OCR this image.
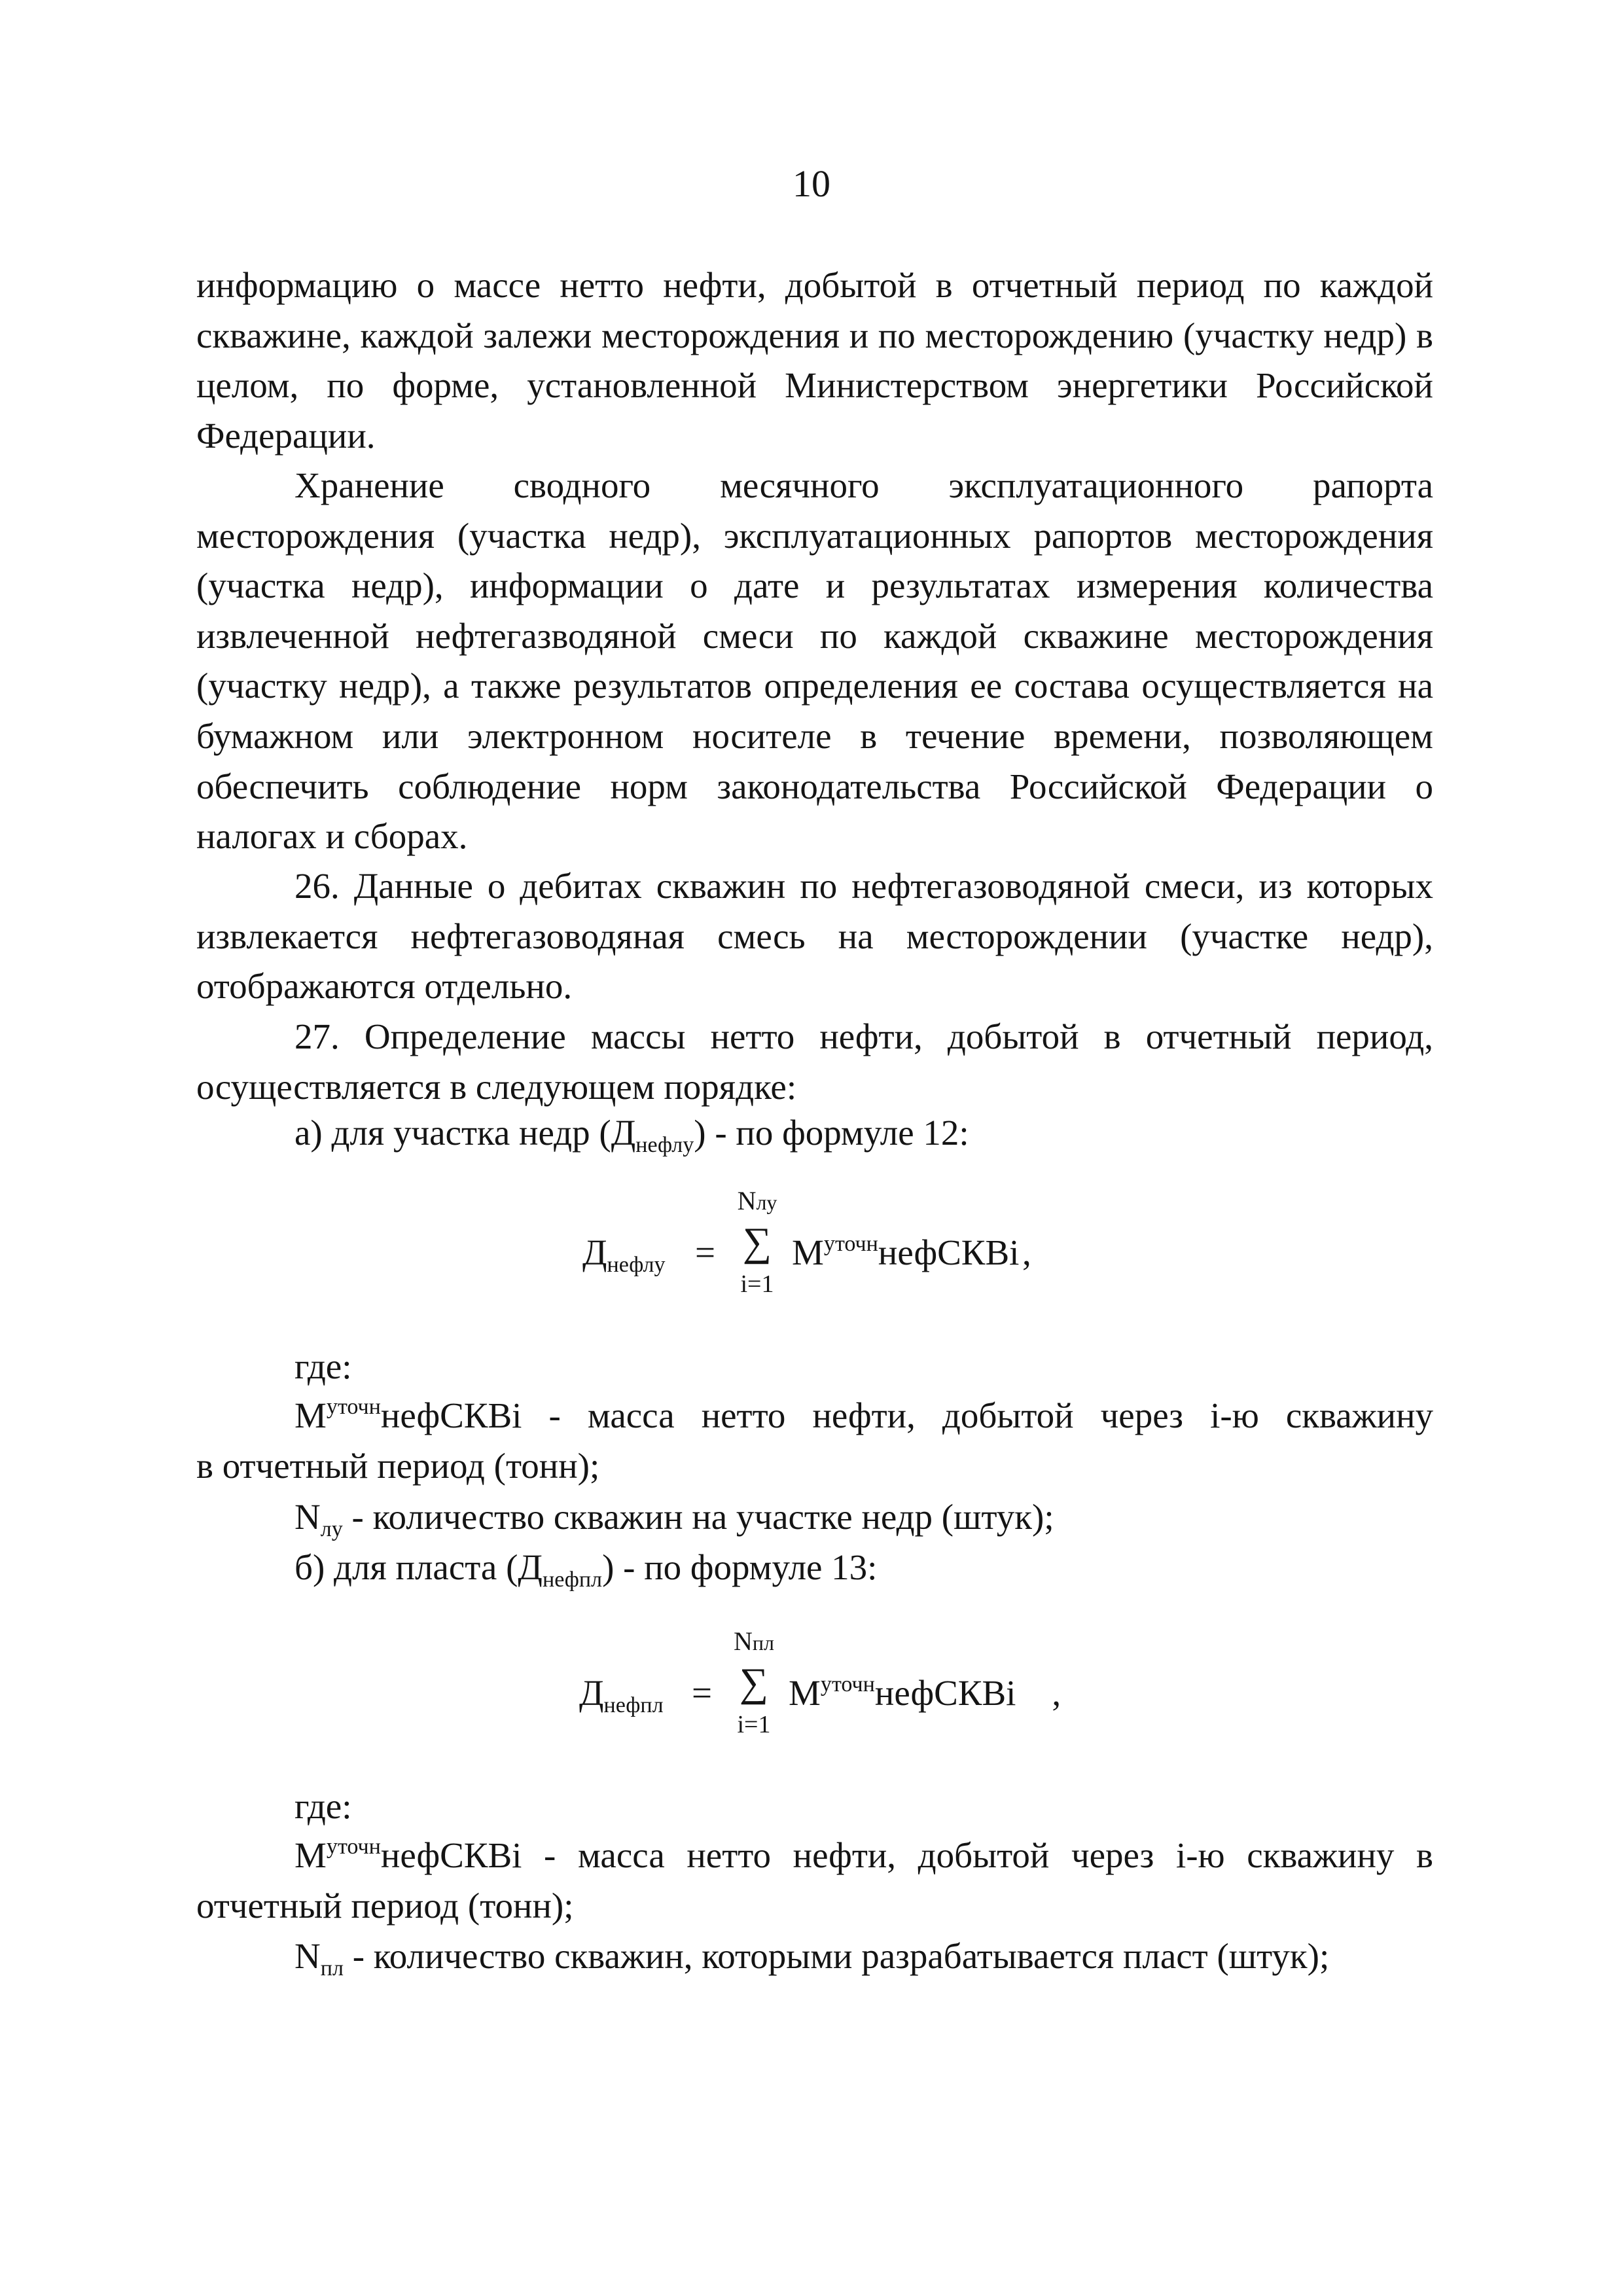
10

информацию о массе нетто нефти, добытой в отчетный период по каждой скважине, каждой залежи месторождения и по месторождению (участку недр) в целом, по форме, установленной Министерством энергетики Российской Федерации.

Хранение сводного месячного эксплуатационного рапорта месторождения (участка недр), эксплуатационных рапортов месторождения (участка недр), информации о дате и результатах измерения количества извлеченной нефтегазводяной смеси по каждой скважине месторождения (участку недр), а также результатов определения ее состава осуществляется на бумажном или электронном носителе в течение времени, позволяющем обеспечить соблюдение норм законодательства Российской Федерации о налогах и сборах.

26. Данные о дебитах скважин по нефтегазоводяной смеси, из которых извлекается нефтегазоводяная смесь на месторождении (участке недр), отображаются отдельно.

27. Определение массы нетто нефти, добытой в отчетный период, осуществляется в следующем порядке:

а) для участка недр (Днефлу) - по формуле 12:
Днефлу =
Nлу
∑
i=1
$M^{уточн}нефСКВi$ ,
где:
$M^{уточн}нефСКВi$ - масса нетто нефти, добытой через i-ю скважину
в отчетный период (тонн);
Nлу - количество скважин на участке недр (штук);
б) для пласта (Днефпл) - по формуле 13:
Днефпл =
Nпл
∑
i=1
$M^{уточн}нефСКВi$  ,
где:
$M^{уточн}нефСКВi$ - масса нетто нефти, добытой через i-ю скважину в
отчетный период (тонн);
Nпл - количество скважин, которыми разрабатывается пласт (штук);
